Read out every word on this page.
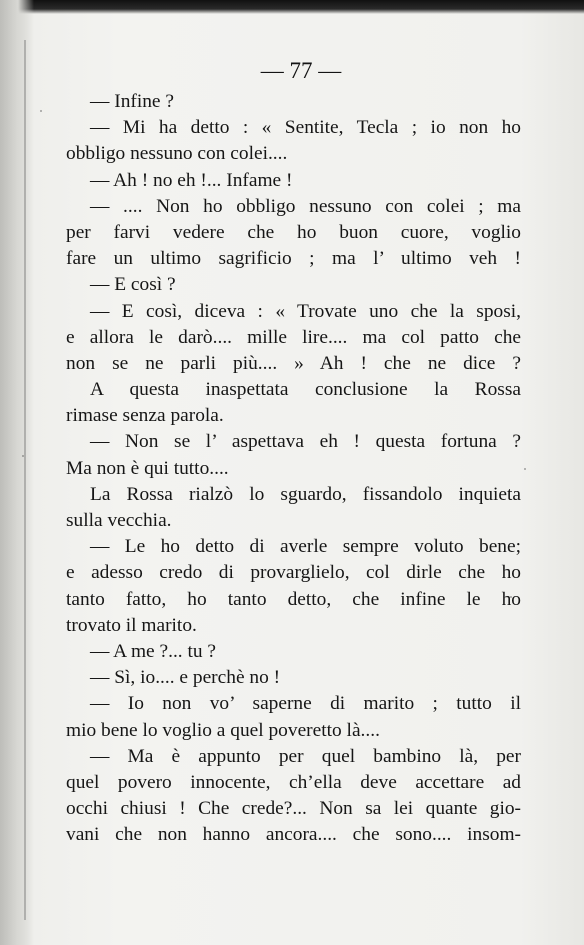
— 77 —
— Infine ?
— Mi ha detto : « Sentite, Tecla ; io non ho
obbligo nessuno con colei....
— Ah ! no eh !... Infame !
— .... Non ho obbligo nessuno con colei ; ma
per farvi vedere che ho buon cuore, voglio
fare un ultimo sagrificio ; ma l’ ultimo veh !
— E così ?
— E così, diceva : « Trovate uno che la sposi,
e allora le darò.... mille lire.... ma col patto che
non se ne parli più.... » Ah ! che ne dice ?
A questa inaspettata conclusione la Rossa
rimase senza parola.
— Non se l’ aspettava eh ! questa fortuna ?
Ma non è qui tutto....
La Rossa rialzò lo sguardo, fissandolo inquieta
sulla vecchia.
— Le ho detto di averle sempre voluto bene;
e adesso credo di provarglielo, col dirle che ho
tanto fatto, ho tanto detto, che infine le ho
trovato il marito.
— A me ?... tu ?
— Sì, io.... e perchè no !
— Io non vo’ saperne di marito ; tutto il
mio bene lo voglio a quel poveretto là....
— Ma è appunto per quel bambino là, per
quel povero innocente, ch’ella deve accettare ad
occhi chiusi ! Che crede?... Non sa lei quante gio-
vani che non hanno ancora.... che sono.... insom-
